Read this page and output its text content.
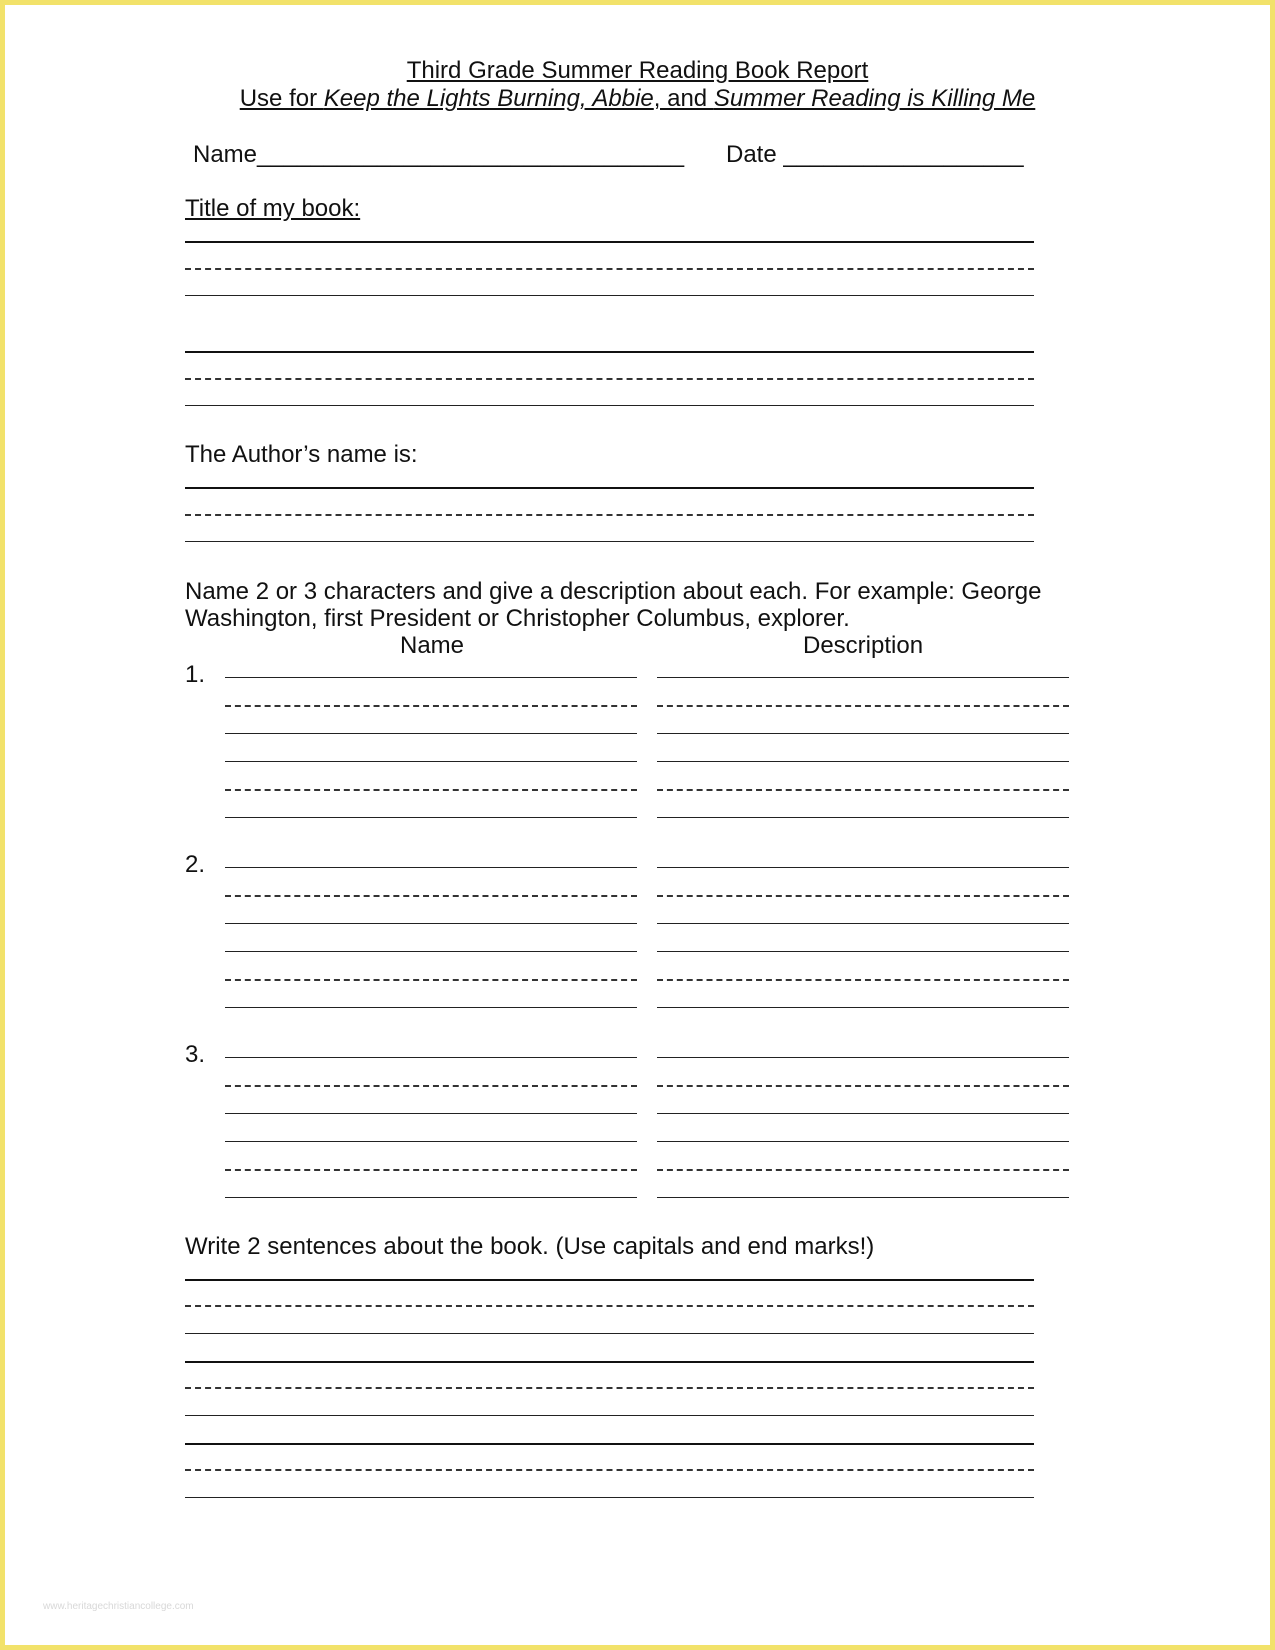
Third Grade Summer Reading Book Report
Use for Keep the Lights Burning, Abbie, and Summer Reading is Killing Me
Name________________________________ Date __________________
Title of my book:
The Author’s name is:
Name 2 or 3 characters and give a description about each. For example: George
Washington, first President or Christopher Columbus, explorer.
Name	Description
1.
2.
3.
Write 2 sentences about the book. (Use capitals and end marks!)
www.heritagechristiancollege.com
